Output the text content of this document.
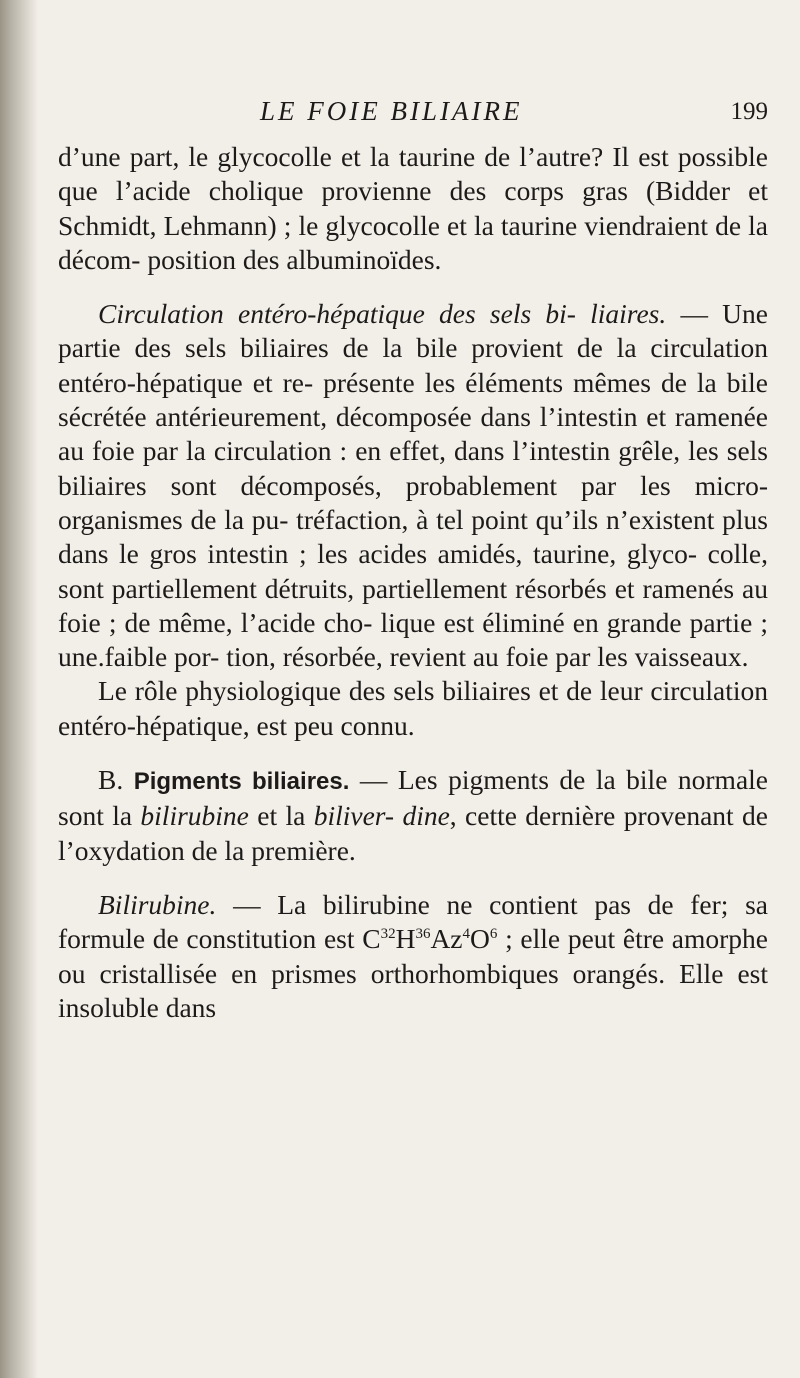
LE FOIE BILIAIRE	199

d’une part, le glycocolle et la taurine de l’autre? Il est possible que l’acide cholique provienne des corps gras (Bidder et Schmidt, Lehmann) ; le glycocolle et la taurine viendraient de la décom- position des albuminoïdes.

Circulation entéro-hépatique des sels bi- liaires. — Une partie des sels biliaires de la bile provient de la circulation entéro-hépatique et re- présente les éléments mêmes de la bile sécrétée antérieurement, décomposée dans l’intestin et ramenée au foie par la circulation : en effet, dans l’intestin grêle, les sels biliaires sont décomposés, probablement par les micro-organismes de la pu- tréfaction, à tel point qu’ils n’existent plus dans le gros intestin ; les acides amidés, taurine, glyco- colle, sont partiellement détruits, partiellement résorbés et ramenés au foie ; de même, l’acide cho- lique est éliminé en grande partie ; une.faible por- tion, résorbée, revient au foie par les vaisseaux.

Le rôle physiologique des sels biliaires et de leur circulation entéro-hépatique, est peu connu.

B. Pigments biliaires. — Les pigments de la bile normale sont la bilirubine et la biliver- dine, cette dernière provenant de l’oxydation de la première.

Bilirubine. — La bilirubine ne contient pas de fer; sa formule de constitution est $C^{32}H^{36}Az^4O^6$ ; elle peut être amorphe ou cristallisée en prismes orthorhombiques orangés. Elle est insoluble dans
